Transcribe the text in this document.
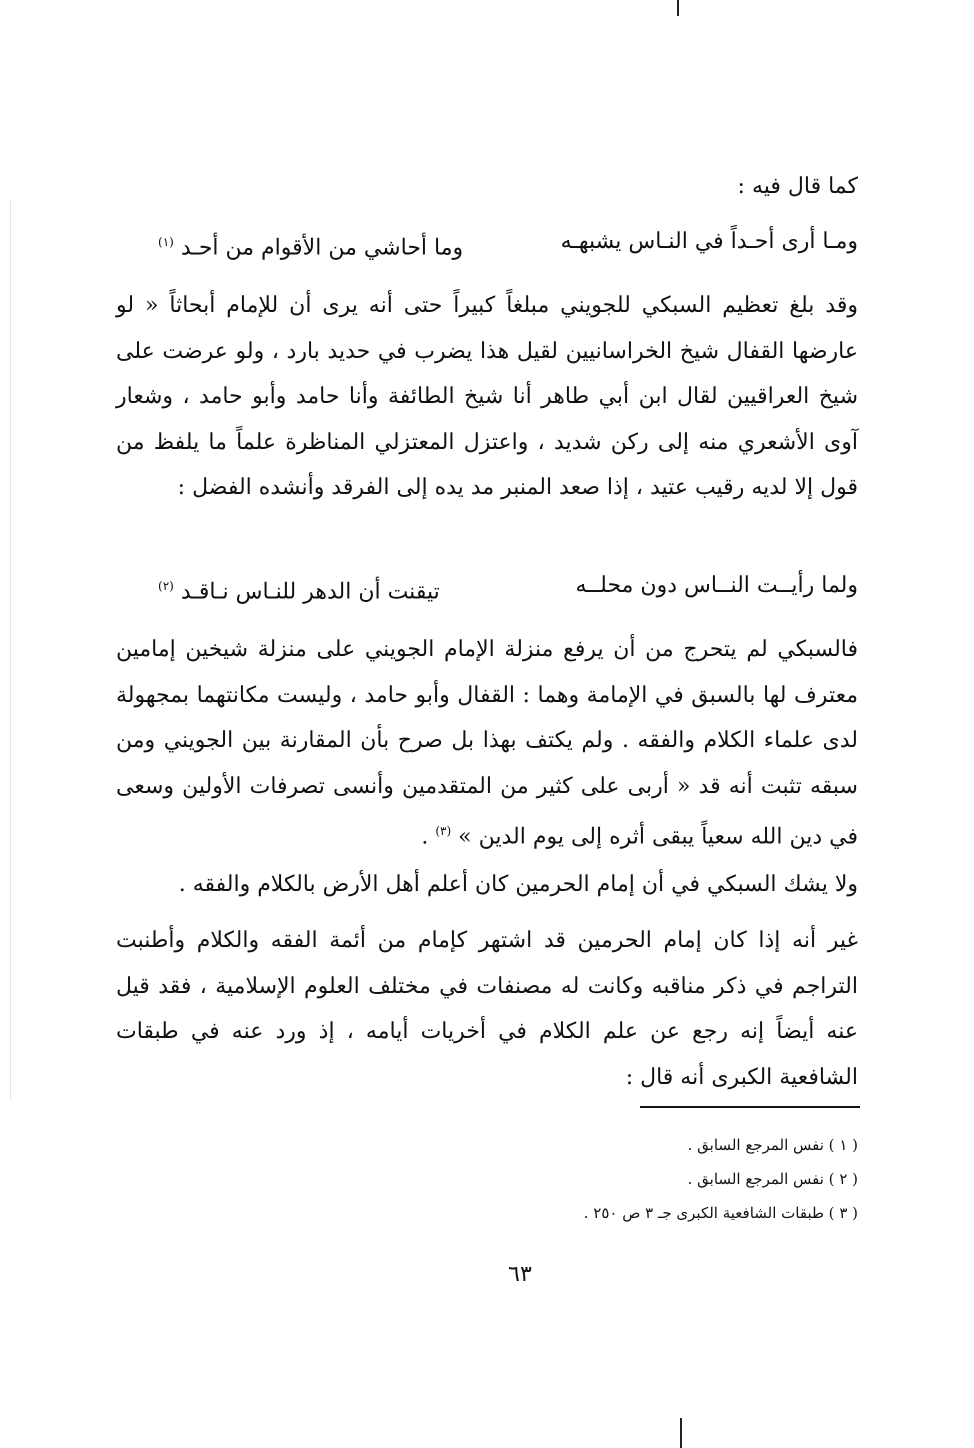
كما قال فيه :
ومـا أرى أحـداً في النـاس يشبهـه
وما أحاشي من الأقوام من أحـد $^{(١)}$

وقد بلغ تعظيم السبكي للجويني مبلغاً كبيراً حتى أنه يرى أن للإمام أبحاثاً « لو عارضها القفال شيخ الخراسانيين لقيل هذا يضرب في حديد بارد ، ولو عرضت على شيخ العراقيين لقال ابن أبي طاهر أنا شيخ الطائفة وأنا حامد وأبو حامد ، وشعار آوى الأشعري منه إلى ركن شديد ، واعتزل المعتزلي المناظرة علماً ما يلفظ من قول إلا لديه رقيب عتيد ، إذا صعد المنبر مد يده إلى الفرقد وأنشده الفضل :

ولما رأيــت النــاس دون محلــه
تيقنت أن الدهر للنـاس نـاقـد $^{(٢)}$

فالسبكي لم يتحرج من أن يرفع منزلة الإمام الجويني على منزلة شيخين إمامين معترف لها بالسبق في الإمامة وهما : القفال وأبو حامد ، وليست مكانتهما بمجهولة لدى علماء الكلام والفقه . ولم يكتف بهذا بل صرح بأن المقارنة بين الجويني ومن سبقه تثبت أنه قد « أربى على كثير من المتقدمين وأنسى تصرفات الأولين وسعى في دين الله سعياً يبقى أثره إلى يوم الدين » $^{(٣)}$ .

ولا يشك السبكي في أن إمام الحرمين كان أعلم أهل الأرض بالكلام والفقه .

غير أنه إذا كان إمام الحرمين قد اشتهر كإمام من أئمة الفقه والكلام وأطنبت التراجم في ذكر مناقبه وكانت له مصنفات في مختلف العلوم الإسلامية ، فقد قيل عنه أيضاً إنه رجع عن علم الكلام في أخريات أيامه ، إذ ورد عنه في طبقات الشافعية الكبرى أنه قال :

( ١ ) نفس المرجع السابق .
( ٢ ) نفس المرجع السابق .
( ٣ ) طبقات الشافعية الكبرى جـ ٣ ص ٢٥٠ .
٦٣
